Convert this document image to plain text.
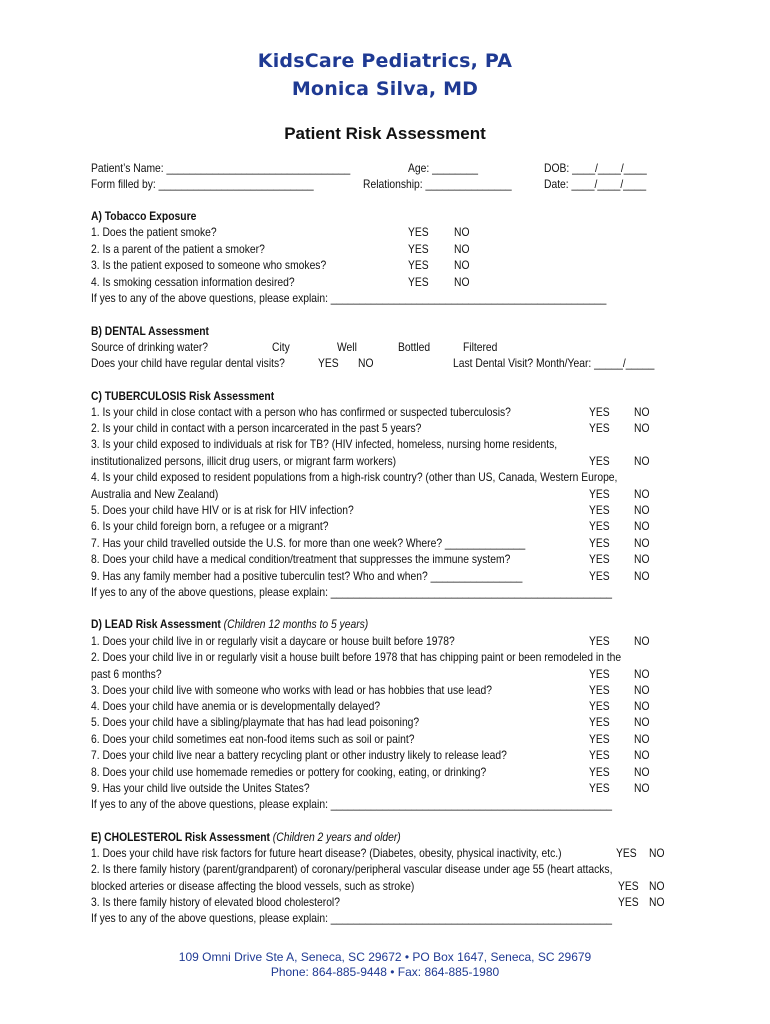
KidsCare Pediatrics, PA
Monica Silva, MD
Patient Risk Assessment
Patient’s Name: ________________________________	Age: ________	DOB: ____/____/____
Form filled by: ___________________________	Relationship: _______________	Date: ____/____/____
A) Tobacco Exposure
1. Does the patient smoke?	YES NO
2. Is a parent of the patient a smoker?	YES NO
3. Is the patient exposed to someone who smokes?	YES NO
4. Is smoking cessation information desired?	YES NO
If yes to any of the above questions, please explain: ________________________________________________
B) DENTAL Assessment
Source of drinking water?	City	Well	Bottled	Filtered
Does your child have regular dental visits?	YES NO	Last Dental Visit? Month/Year: _____/_____
C) TUBERCULOSIS Risk Assessment
1. Is your child in close contact with a person who has confirmed or suspected tuberculosis?	YES NO
2. Is your child in contact with a person incarcerated in the past 5 years?	YES NO
3. Is your child exposed to individuals at risk for TB? (HIV infected, homeless, nursing home residents,
institutionalized persons, illicit drug users, or migrant farm workers)	YES NO
4. Is your child exposed to resident populations from a high-risk country? (other than US, Canada, Western Europe,
Australia and New Zealand)	YES NO
5. Does your child have HIV or is at risk for HIV infection?	YES NO
6. Is your child foreign born, a refugee or a migrant?	YES NO
7. Has your child travelled outside the U.S. for more than one week? Where? ______________	YES NO
8. Does your child have a medical condition/treatment that suppresses the immune system?	YES NO
9. Has any family member had a positive tuberculin test? Who and when? ________________	YES NO
If yes to any of the above questions, please explain: _________________________________________________
D) LEAD Risk Assessment (Children 12 months to 5 years)
1. Does your child live in or regularly visit a daycare or house built before 1978?	YES NO
2. Does your child live in or regularly visit a house built before 1978 that has chipping paint or been remodeled in the
past 6 months?	YES NO
3. Does your child live with someone who works with lead or has hobbies that use lead?	YES NO
4. Does your child have anemia or is developmentally delayed?	YES NO
5. Does your child have a sibling/playmate that has had lead poisoning?	YES NO
6. Does your child sometimes eat non-food items such as soil or paint?	YES NO
7. Does your child live near a battery recycling plant or other industry likely to release lead?	YES NO
8. Does your child use homemade remedies or pottery for cooking, eating, or drinking?	YES NO
9. Has your child live outside the Unites States?	YES NO
If yes to any of the above questions, please explain: _________________________________________________
E) CHOLESTEROL Risk Assessment (Children 2 years and older)
1. Does your child have risk factors for future heart disease? (Diabetes, obesity, physical inactivity, etc.)	YES NO
2. Is there family history (parent/grandparent) of coronary/peripheral vascular disease under age 55 (heart attacks,
blocked arteries or disease affecting the blood vessels, such as stroke)	YES NO
3. Is there family history of elevated blood cholesterol?	YES NO
If yes to any of the above questions, please explain: _________________________________________________
109 Omni Drive Ste A, Seneca, SC 29672 • PO Box 1647, Seneca, SC 29679
Phone: 864-885-9448 • Fax: 864-885-1980
